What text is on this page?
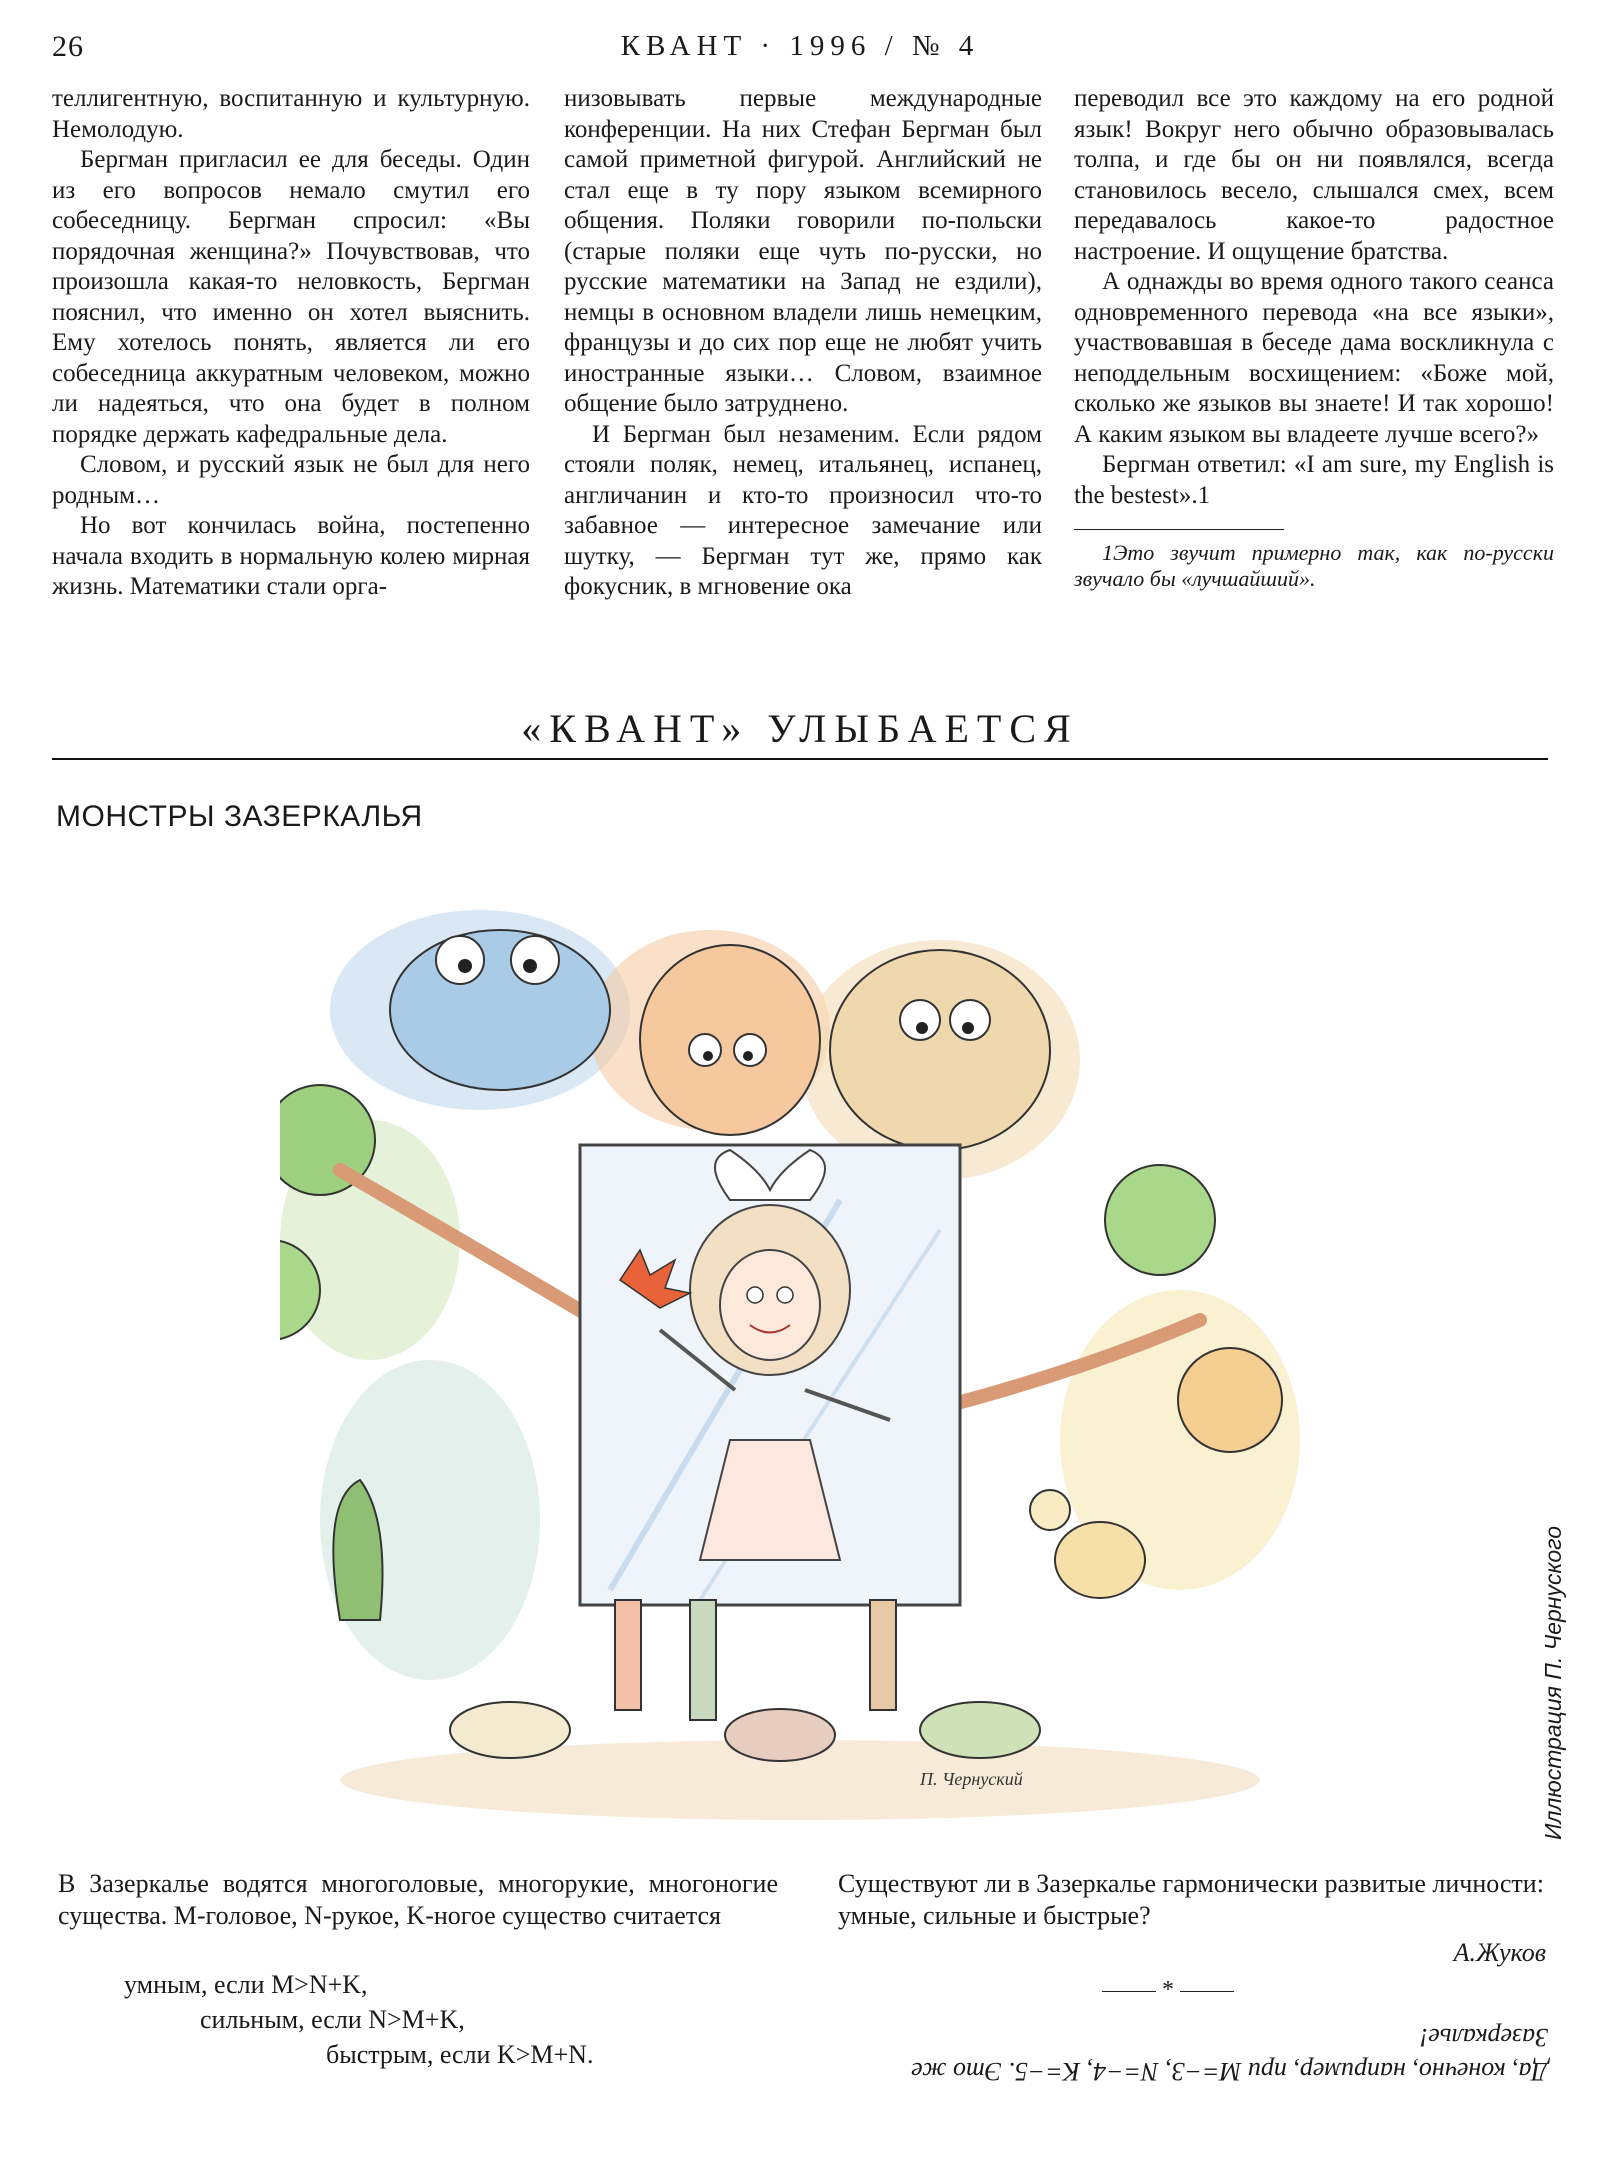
26	КВАНТ · 1996 / № 4

теллигентную, воспитанную и культурную. Немолодую.

Бергман пригласил ее для беседы. Один из его вопросов немало смутил его собеседницу. Бергман спросил: «Вы порядочная женщина?» Почувствовав, что произошла какая-то неловкость, Бергман пояснил, что именно он хотел выяснить. Ему хотелось понять, является ли его собеседница аккуратным человеком, можно ли надеяться, что она будет в полном порядке держать кафедральные дела.

Словом, и русский язык не был для него родным…

Но вот кончилась война, постепенно начала входить в нормальную колею мирная жизнь. Математики стали орга-

низовывать первые международные конференции. На них Стефан Бергман был самой приметной фигурой. Английский не стал еще в ту пору языком всемирного общения. Поляки говорили по-польски (старые поляки еще чуть по-русски, но русские математики на Запад не ездили), немцы в основном владели лишь немецким, французы и до сих пор еще не любят учить иностранные языки… Словом, взаимное общение было затруднено.

И Бергман был незаменим. Если рядом стояли поляк, немец, итальянец, испанец, англичанин и кто-то произносил что-то забавное — интересное замечание или шутку, — Бергман тут же, прямо как фокусник, в мгновение ока

переводил все это каждому на его родной язык! Вокруг него обычно образовывалась толпа, и где бы он ни появлялся, всегда становилось весело, слышался смех, всем передавалось какое-то радостное настроение. И ощущение братства.

А однажды во время одного такого сеанса одновременного перевода «на все языки», участвовавшая в беседе дама воскликнула с неподдельным восхищением: «Боже мой, сколько же языков вы знаете! И так хорошо! А каким языком вы владеете лучше всего?»

Бергман ответил: «I am sure, my English is the bestest».1

1Это звучит примерно так, как по-русски звучало бы «лучшайший».

«КВАНТ» УЛЫБАЕТСЯ
МОНСТРЫ ЗАЗЕРКАЛЬЯ
П. Чернуский	Иллюстрация П. Чернуского
В Зазеркалье водятся многоголовые, многорукие, многоногие существа. M-головое, N-рукое, K-ногое существо считается
умным, если M>N+K,
сильным, если N>M+K,
быстрым, если K>M+N.
Существуют ли в Зазеркалье гармонически развитые личности: умные, сильные и быстрые?
А.Жуков
*
Да, конечно, например, при M=−3, N=−4, K=−5. Это же Зазеркалье!
